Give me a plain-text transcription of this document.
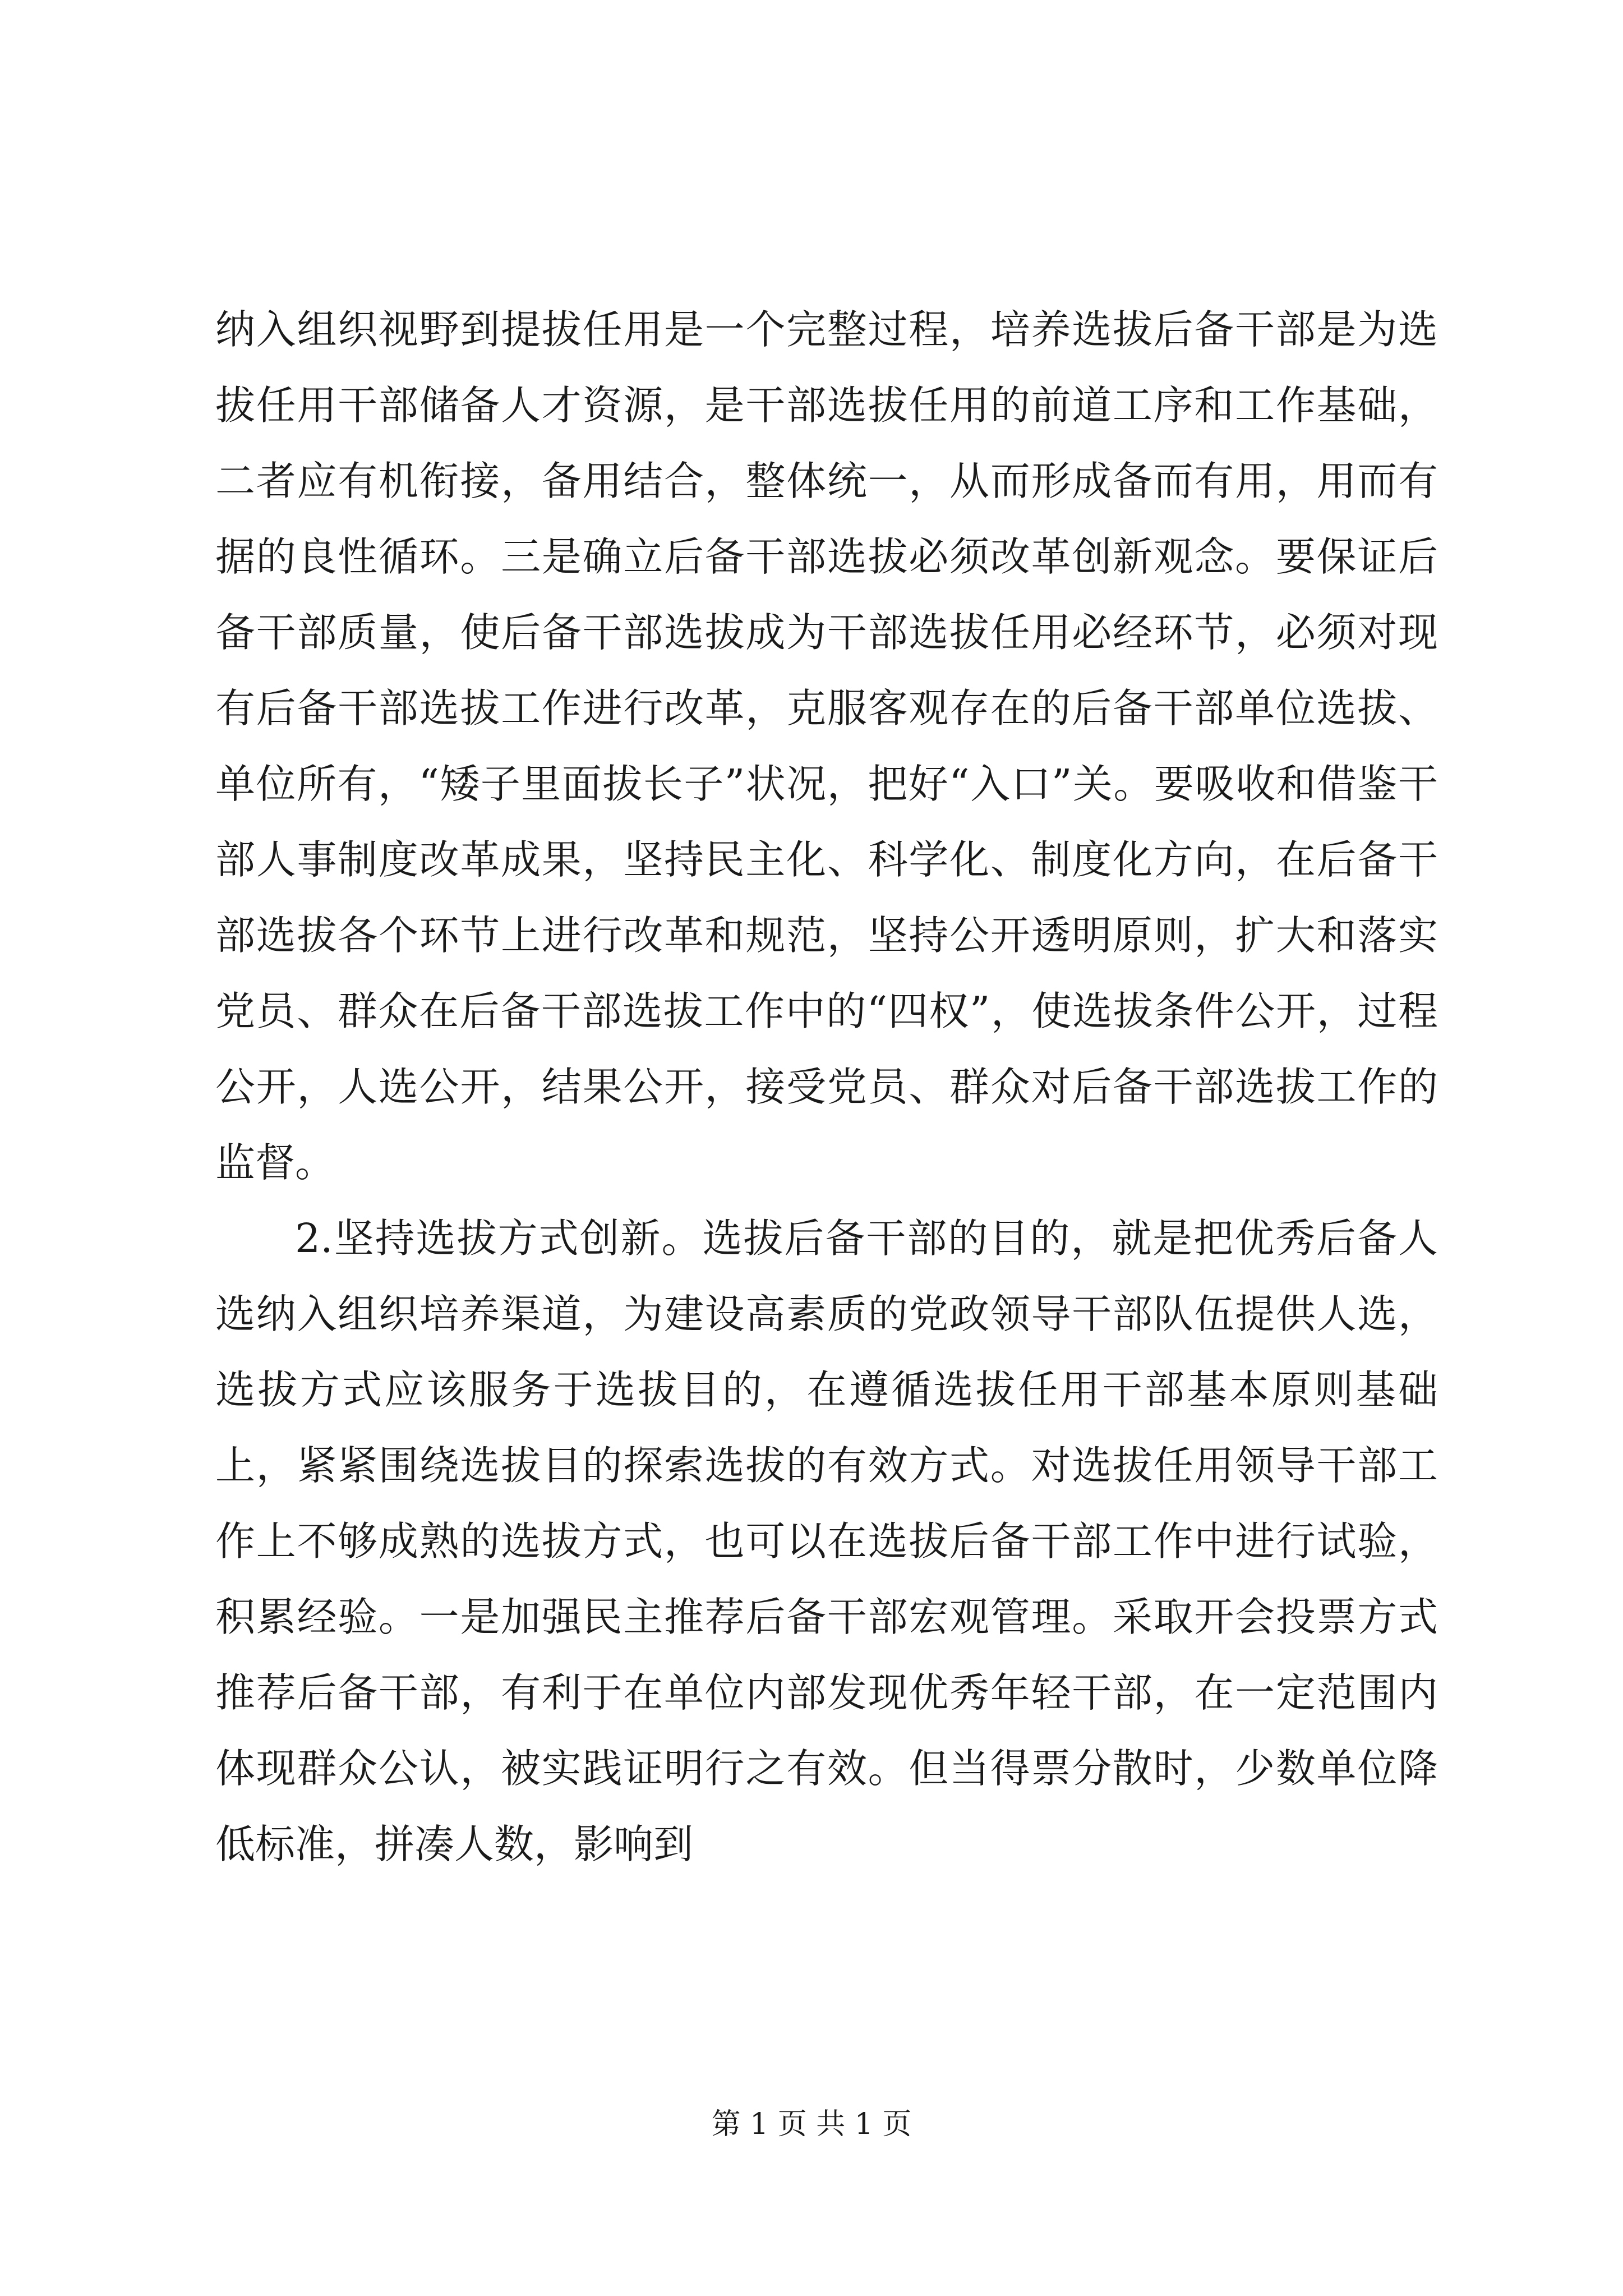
纳入组织视野到提拔任用是一个完整过程，培养选拔后备干部是为选拔任用干部储备人才资源，是干部选拔任用的前道工序和工作基础，二者应有机衔接，备用结合，整体统一，从而形成备而有用，用而有据的良性循环。三是确立后备干部选拔必须改革创新观念。要保证后备干部质量，使后备干部选拔成为干部选拔任用必经环节，必须对现有后备干部选拔工作进行改革，克服客观存在的后备干部单位选拔、单位所有，“矮子里面拔长子”状况，把好“入口”关。要吸收和借鉴干部人事制度改革成果，坚持民主化、科学化、制度化方向，在后备干部选拔各个环节上进行改革和规范，坚持公开透明原则，扩大和落实党员、群众在后备干部选拔工作中的“四权”，使选拔条件公开，过程公开，人选公开，结果公开，接受党员、群众对后备干部选拔工作的监督。

2.坚持选拔方式创新。选拔后备干部的目的，就是把优秀后备人选纳入组织培养渠道，为建设高素质的党政领导干部队伍提供人选，选拔方式应该服务于选拔目的，在遵循选拔任用干部基本原则基础上，紧紧围绕选拔目的探索选拔的有效方式。对选拔任用领导干部工作上不够成熟的选拔方式，也可以在选拔后备干部工作中进行试验，积累经验。一是加强民主推荐后备干部宏观管理。采取开会投票方式推荐后备干部，有利于在单位内部发现优秀年轻干部，在一定范围内体现群众公认，被实践证明行之有效。但当得票分散时，少数单位降低标准，拼凑人数，影响到

第 1 页 共 1 页
